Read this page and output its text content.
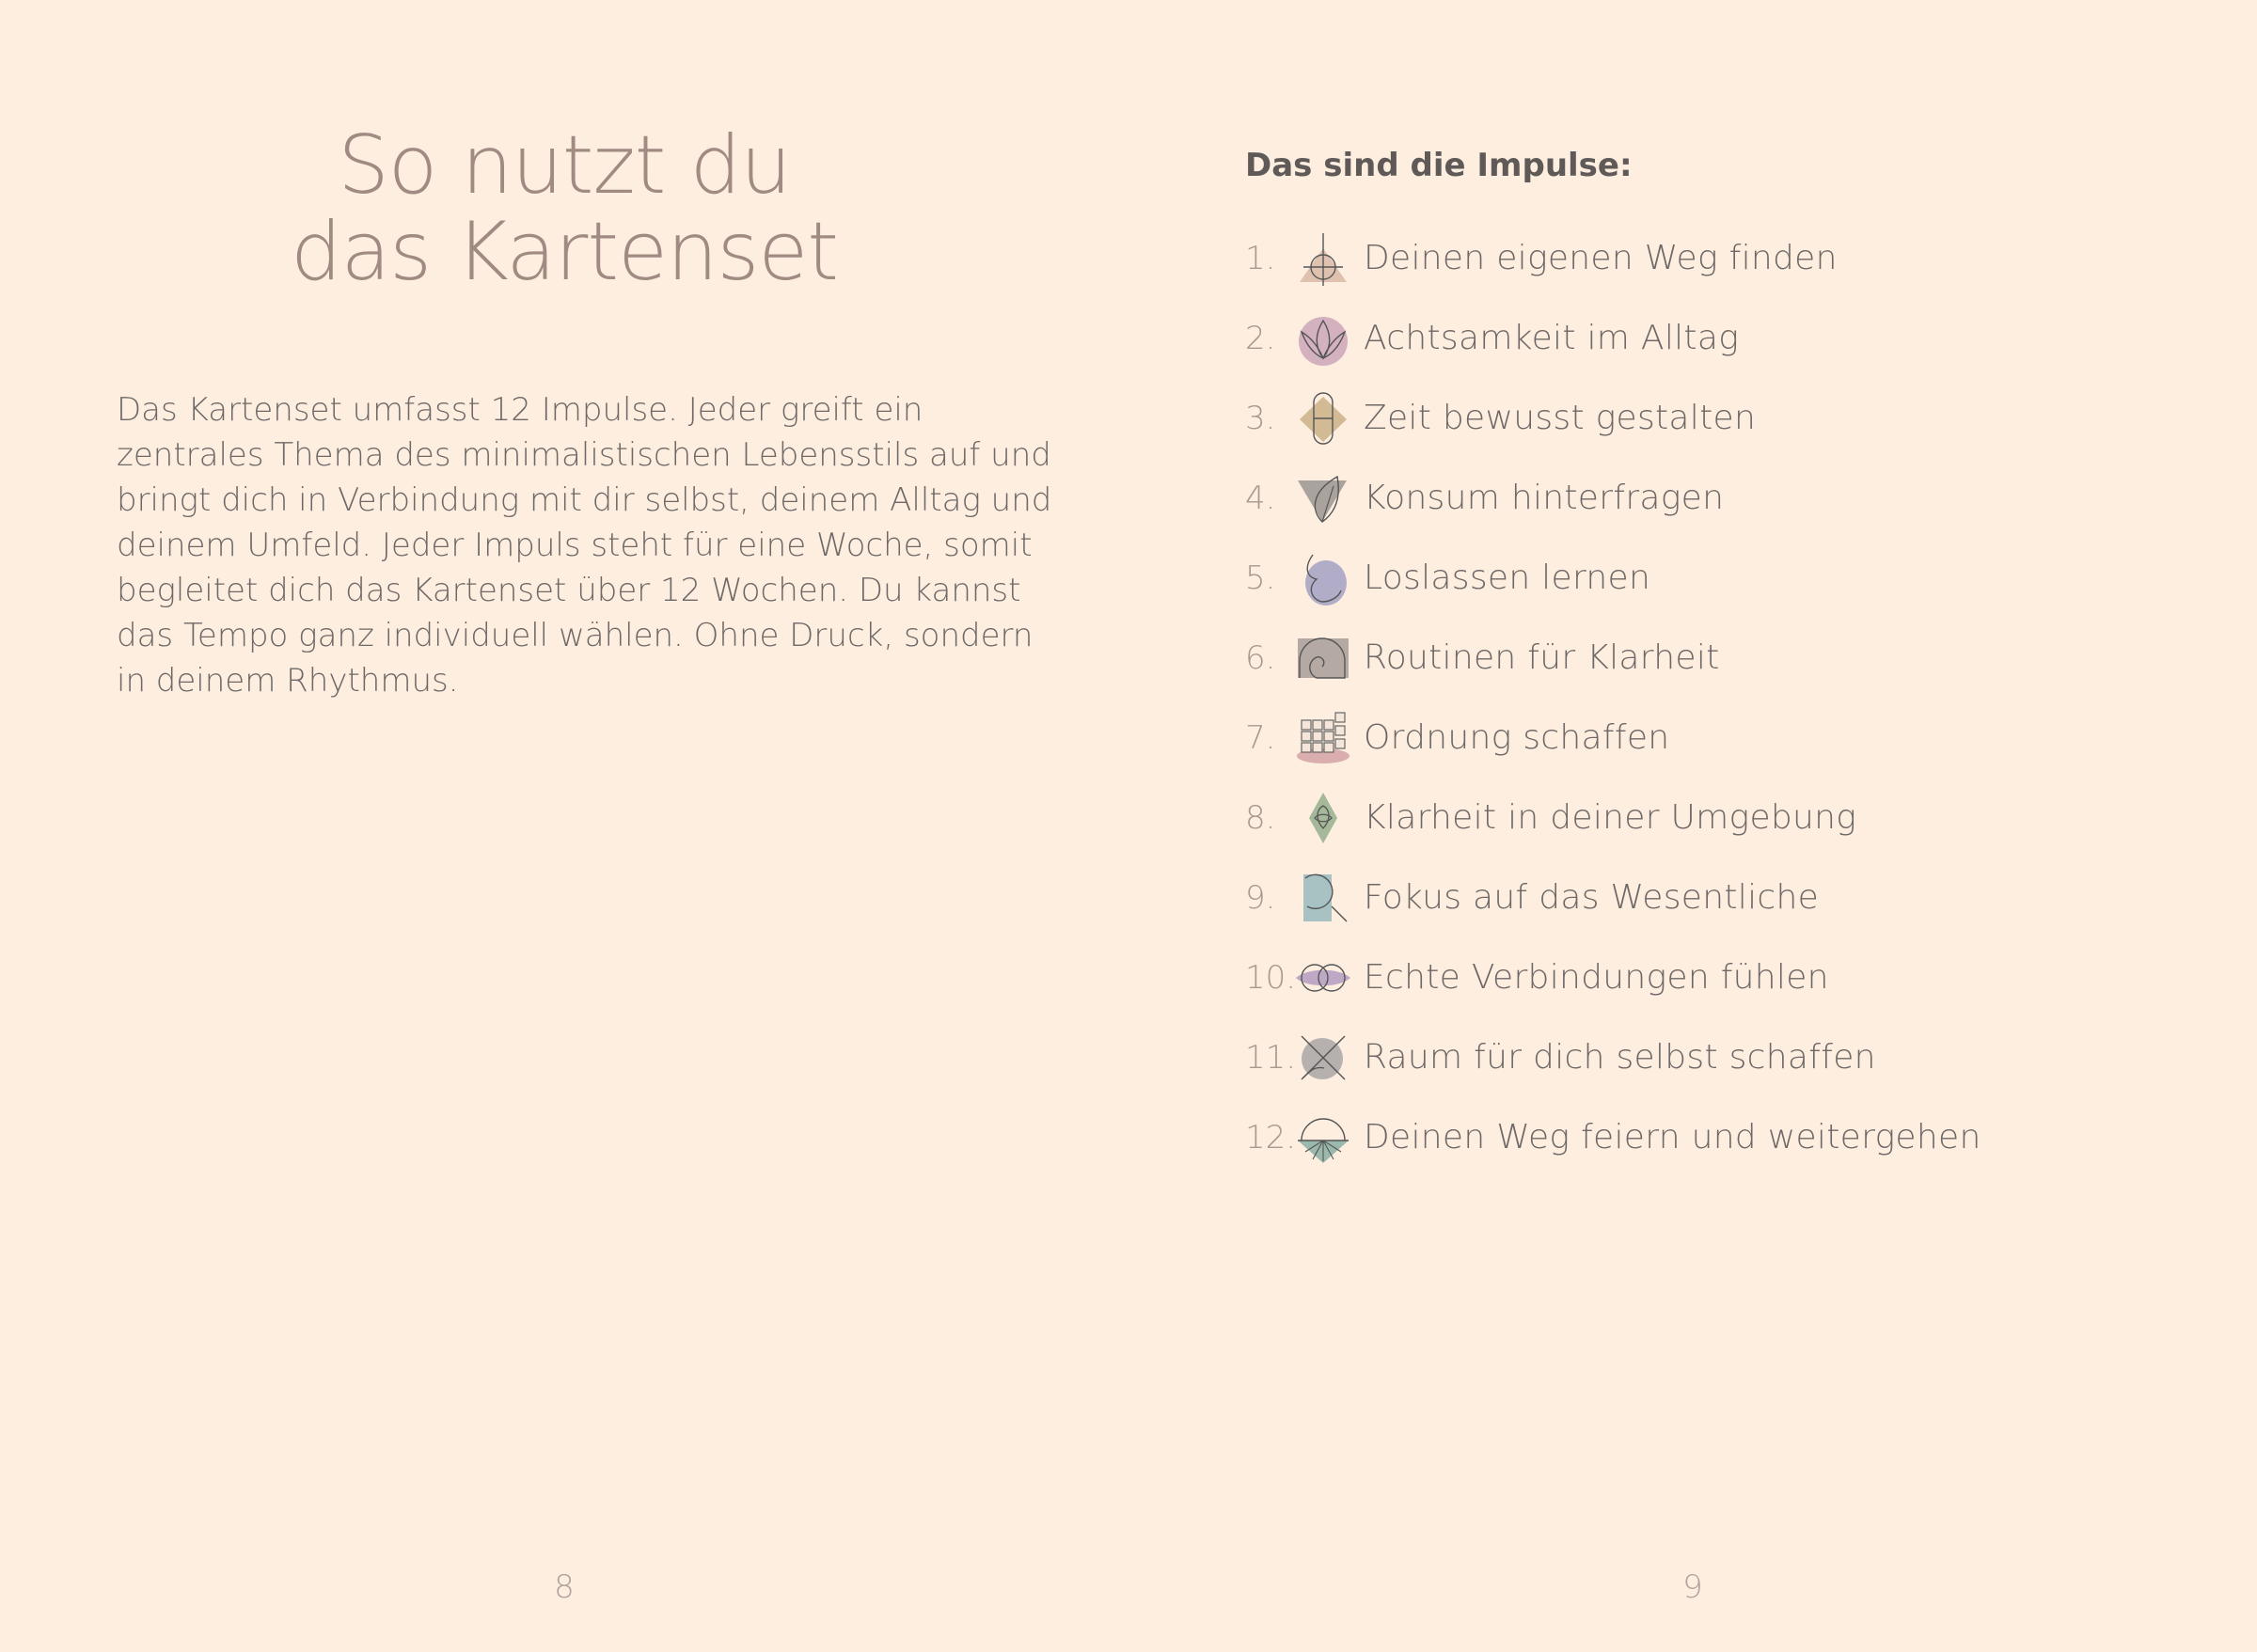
So nutzt du
das Kartenset

Das Kartenset umfasst 12 Impulse. Jeder greift ein zentrales Thema des minimalistischen Lebensstils auf und bringt dich in Verbindung mit dir selbst, deinem Alltag und deinem Umfeld. Jeder Impuls steht für eine Woche, somit begleitet dich das Kartenset über 12 Wochen. Du kannst das Tempo ganz individuell wählen. Ohne Druck, sondern in deinem Rhythmus.

8
Das sind die Impulse:
1.	Deinen eigenen Weg finden
2.	Achtsamkeit im Alltag
3.	Zeit bewusst gestalten
4.	Konsum hinterfragen
5.	Loslassen lernen
6.	Routinen für Klarheit
7.	Ordnung schaffen
8.	Klarheit in deiner Umgebung
9.	Fokus auf das Wesentliche
10. Echte Verbindungen fühlen
11. Raum für dich selbst schaffen
12. Deinen Weg feiern und weitergehen
9
